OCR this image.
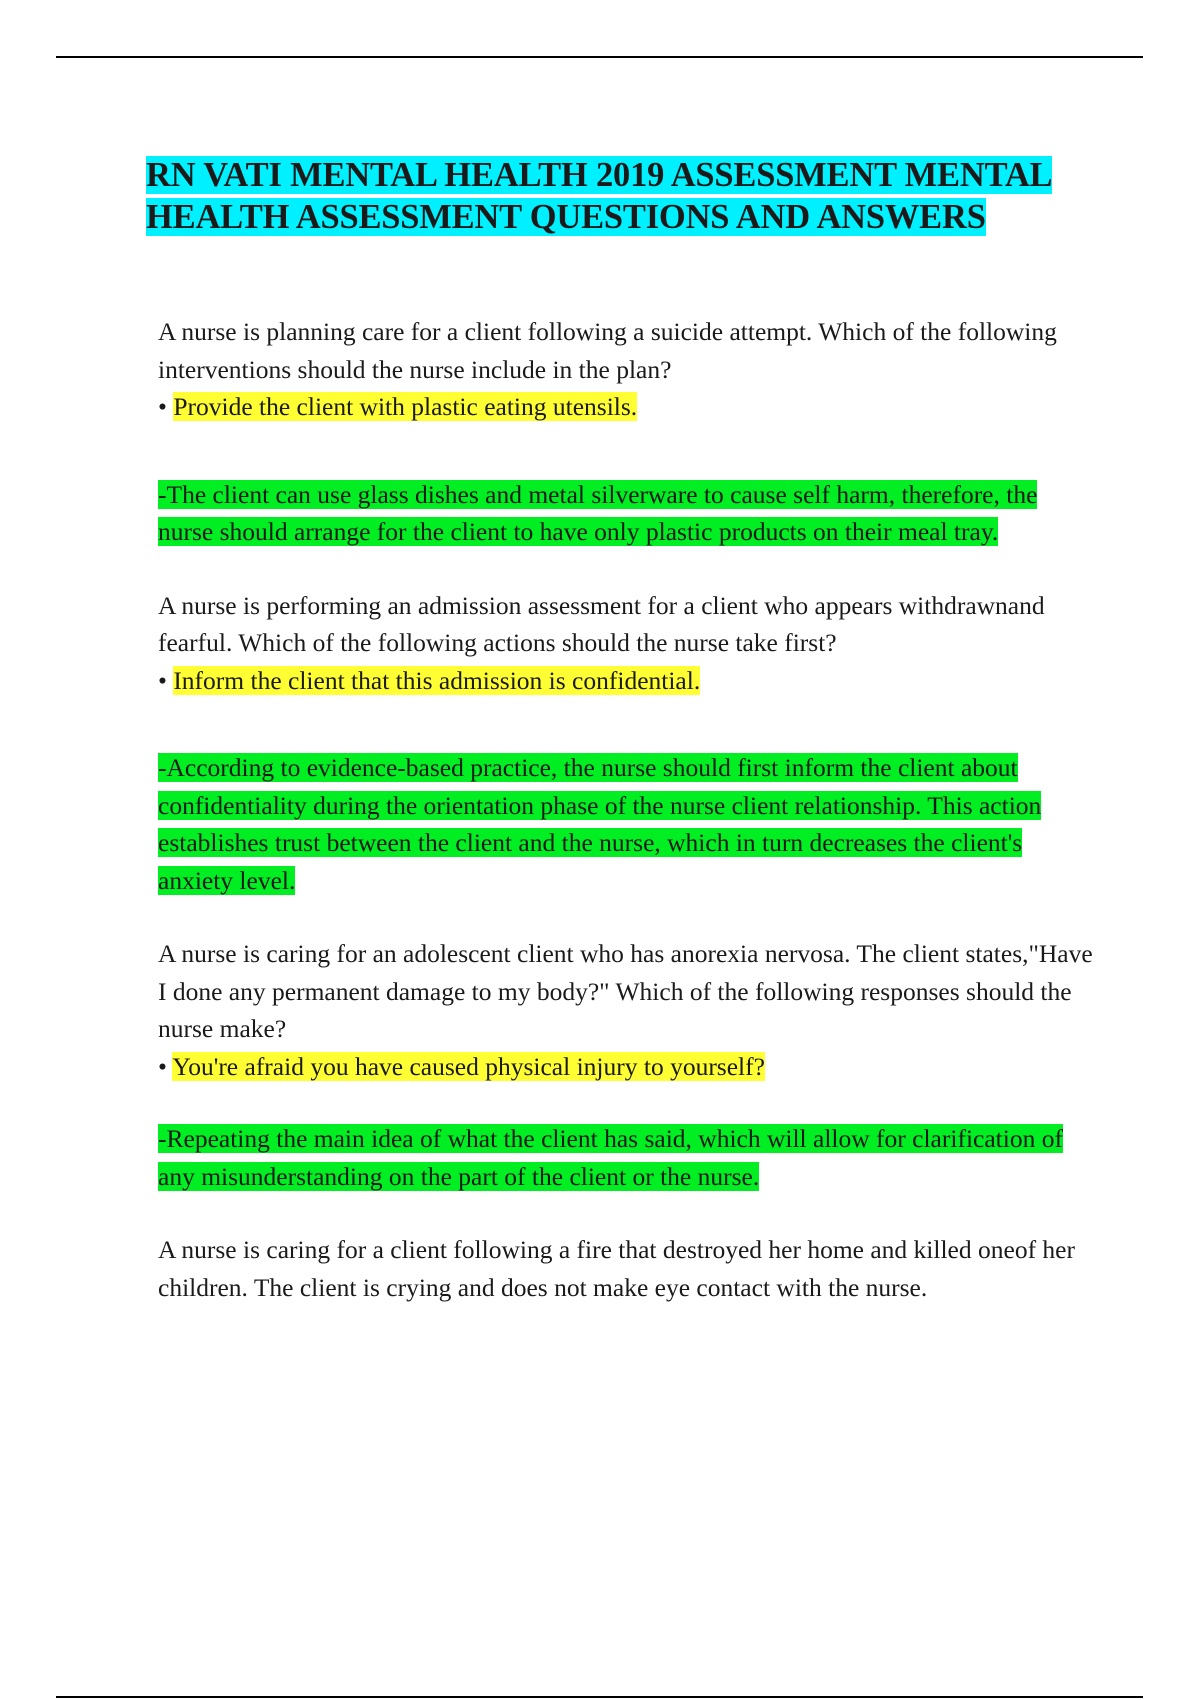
RN VATI MENTAL HEALTH 2019 ASSESSMENT MENTAL HEALTH ASSESSMENT QUESTIONS AND ANSWERS

A nurse is planning care for a client following a suicide attempt. Which of the following interventions should the nurse include in the plan?

• Provide the client with plastic eating utensils.

-The client can use glass dishes and metal silverware to cause self harm, therefore, the nurse should arrange for the client to have only plastic products on their meal tray.

A nurse is performing an admission assessment for a client who appears withdrawnand fearful. Which of the following actions should the nurse take first?

• Inform the client that this admission is confidential.

-According to evidence-based practice, the nurse should first inform the client about confidentiality during the orientation phase of the nurse client relationship. This action establishes trust between the client and the nurse, which in turn decreases the client's anxiety level.

A nurse is caring for an adolescent client who has anorexia nervosa. The client states,"Have I done any permanent damage to my body?" Which of the following responses should the nurse make?

• You're afraid you have caused physical injury to yourself?

-Repeating the main idea of what the client has said, which will allow for clarification of any misunderstanding on the part of the client or the nurse.

A nurse is caring for a client following a fire that destroyed her home and killed oneof her children. The client is crying and does not make eye contact with the nurse.
